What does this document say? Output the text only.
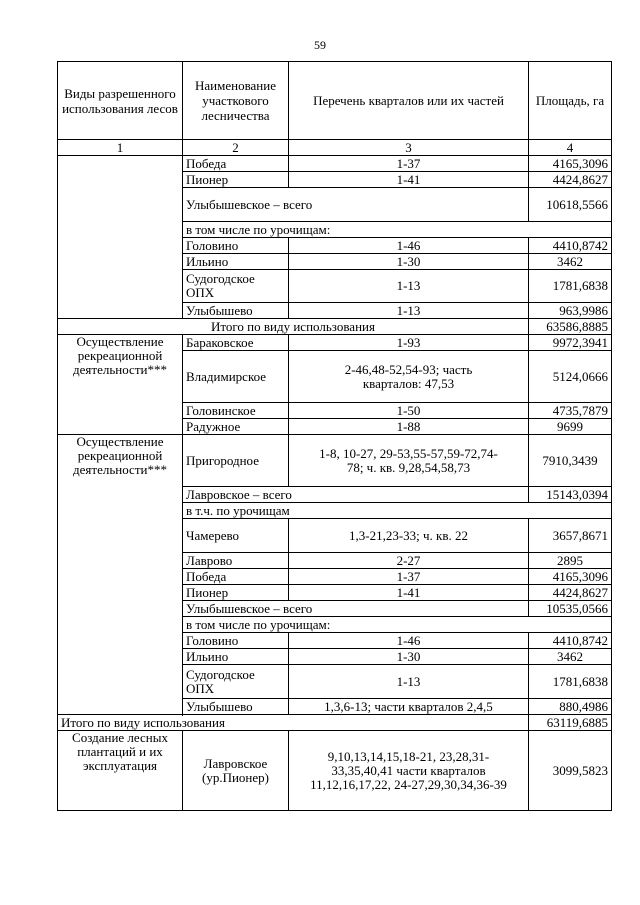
59
Виды разрешенного использования лесов	Наименование участкового лесничества	Перечень кварталов или их частей	Площадь, га
1	2	3	4
	Победа	1-37	4165,3096
	Пионер	1-41	4424,8627
	Улыбышевское – всего		10618,5566
	в том числе по урочищам:		
	Головино	1-46	4410,8742
	Ильино	1-30	3462
	Судогодское ОПХ	1-13	1781,6838
	Улыбышево	1-13	963,9986

Итого по виду использования			63586,8885
Осуществление рекреационной деятельности***	Бараковское	1-93	9972,3941
	Владимирское	2-46,48-52,54-93; часть кварталов: 47,53	5124,0666
	Головинское	1-50	4735,7879
	Радужное	1-88	9699
Осуществление рекреационной деятельности***	Пригородное	1-8, 10-27, 29-53,55-57,59-72,74-78; ч. кв. 9,28,54,58,73	7910,3439
	Лавровское – всего		15143,0394
	в т.ч. по урочищам		
	Чамерево	1,3-21,23-33; ч. кв. 22	3657,8671
	Лаврово	2-27	2895
	Победа	1-37	4165,3096
	Пионер	1-41	4424,8627
	Улыбышевское – всего		10535,0566
	в том числе по урочищам:		
	Головино	1-46	4410,8742
	Ильино	1-30	3462
	Судогодское ОПХ	1-13	1781,6838
	Улыбышево	1,3,6-13; части кварталов 2,4,5	880,4986

Итого по виду использования			63119,6885
Создание лесных плантаций и их эксплуатация	Лавровское (ур.Пионер)	9,10,13,14,15,18-21, 23,28,31-33,35,40,41 части кварталов 11,12,16,17,22, 24-27,29,30,34,36-39	3099,5823
